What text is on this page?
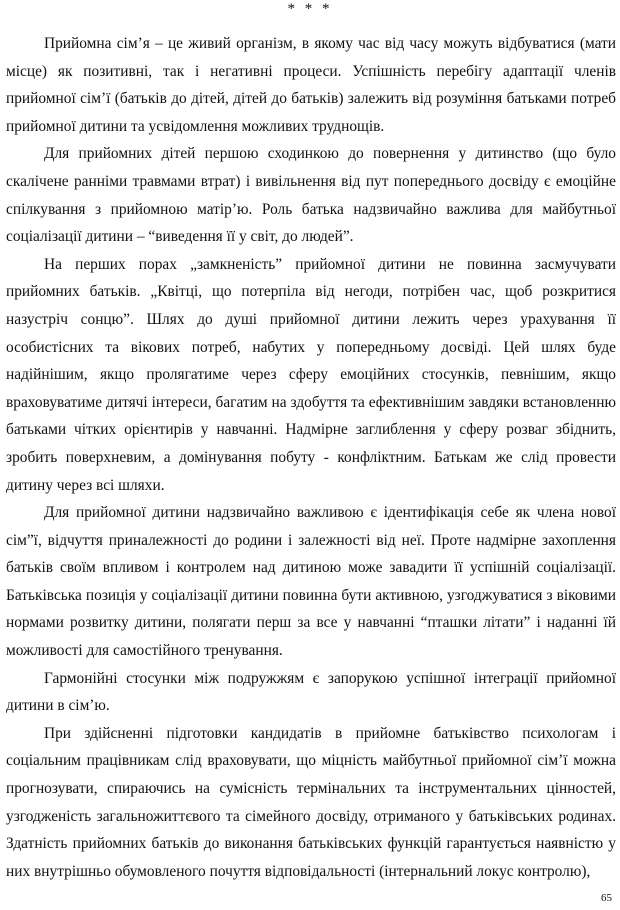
* * *

Прийомна сім’я – це живий організм, в якому час від часу можуть відбуватися (мати місце) як позитивні, так і негативні процеси. Успішність перебігу адаптації членів прийомної сім’ї (батьків до дітей, дітей до батьків) залежить від розуміння батьками потреб прийомної дитини та усвідомлення можливих труднощів.

Для прийомних дітей першою сходинкою до повернення у дитинство (що було скалічене ранніми травмами втрат) і вивільнення від пут попереднього досвіду є емоційне спілкування з прийомною матір’ю. Роль батька надзвичайно важлива для майбутньої соціалізації дитини – “виведення її у світ, до людей”.

На перших порах „замкненість” прийомної дитини не повинна засмучувати прийомних батьків. „Квітці, що потерпіла від негоди, потрібен час, щоб розкритися назустріч сонцю”. Шлях до душі прийомної дитини лежить через урахування її особистісних та вікових потреб, набутих у попередньому досвіді. Цей шлях буде надійнішим, якщо пролягатиме через сферу емоційних стосунків, певнішим, якщо враховуватиме дитячі інтереси, багатим на здобуття та ефективнішим завдяки встановленню батьками чітких орієнтирів у навчанні. Надмірне заглиблення у сферу розваг збіднить, зробить поверхневим, а домінування побуту - конфліктним. Батькам же слід провести дитину через всі шляхи.

Для прийомної дитини надзвичайно важливою є ідентифікація себе як члена нової сім”ї, відчуття приналежності до родини і залежності від неї. Проте надмірне захоплення батьків своїм впливом і контролем над дитиною може завадити її успішній соціалізації. Батьківська позиція у соціалізації дитини повинна бути активною, узгоджуватися з віковими нормами розвитку дитини, полягати перш за все у навчанні “пташки літати” і наданні їй можливості для самостійного тренування.

Гармонійні стосунки між подружжям є запорукою успішної інтеграції прийомної дитини в сім’ю.

При здійсненні підготовки кандидатів в прийомне батьківство психологам і соціальним працівникам слід враховувати, що міцність майбутньої прийомної сім’ї можна прогнозувати, спираючись на сумісність термінальних та інструментальних цінностей, узгодженість загальножиттєвого та сімейного досвіду, отриманого у батьківських родинах. Здатність прийомних батьків до виконання батьківських функцій гарантується наявністю у них внутрішньо обумовленого почуття відповідальності (інтернальний локус контролю),

65
